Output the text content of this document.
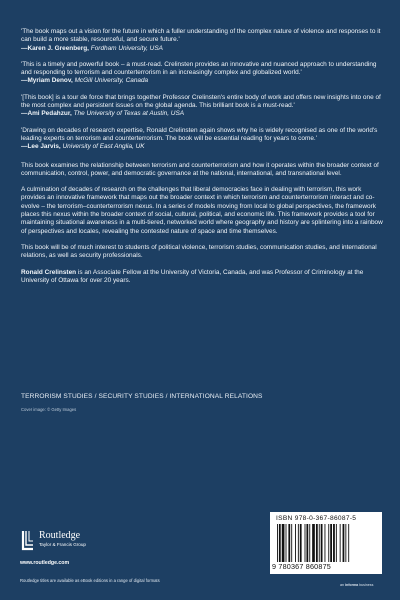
'The book maps out a vision for the future in which a fuller understanding of the complex nature of violence and responses to it can build a more stable, resourceful, and secure future.'

—Karen J. Greenberg, Fordham University, USA

'This is a timely and powerful book – a must-read. Crelinsten provides an innovative and nuanced approach to understanding and responding to terrorism and counterterrorism in an increasingly complex and globalized world.'

—Myriam Denov, McGill University, Canada

'[This book] is a tour de force that brings together Professor Crelinsten's entire body of work and offers new insights into one of the most complex and persistent issues on the global agenda. This brilliant book is a must-read.'

—Ami Pedahzur, The University of Texas at Austin, USA

'Drawing on decades of research expertise, Ronald Crelinsten again shows why he is widely recognised as one of the world's leading experts on terrorism and counterterrorism. The book will be essential reading for years to come.'

—Lee Jarvis, University of East Anglia, UK

This book examines the relationship between terrorism and counterterrorism and how it operates within the broader context of communication, control, power, and democratic governance at the national, international, and transnational level.

A culmination of decades of research on the challenges that liberal democracies face in dealing with terrorism, this work provides an innovative framework that maps out the broader context in which terrorism and counterterrorism interact and co-evolve – the terrorism–counterterrorism nexus. In a series of models moving from local to global perspectives, the framework places this nexus within the broader context of social, cultural, political, and economic life. This framework provides a tool for maintaining situational awareness in a multi-tiered, networked world where geography and history are splintering into a rainbow of perspectives and locales, revealing the contested nature of space and time themselves.

This book will be of much interest to students of political violence, terrorism studies, communication studies, and international relations, as well as security professionals.

Ronald Crelinsten is an Associate Fellow at the University of Victoria, Canada, and was Professor of Criminology at the University of Ottawa for over 20 years.

TERRORISM STUDIES / SECURITY STUDIES / INTERNATIONAL RELATIONS
Cover image: © Getty Images
Routledge
Taylor & Francis Group
www.routledge.com
Routledge titles are available as eBook editions in a range of digital formats
ISBN 978-0-367-86087-5
9 780367 860875
an informa business
